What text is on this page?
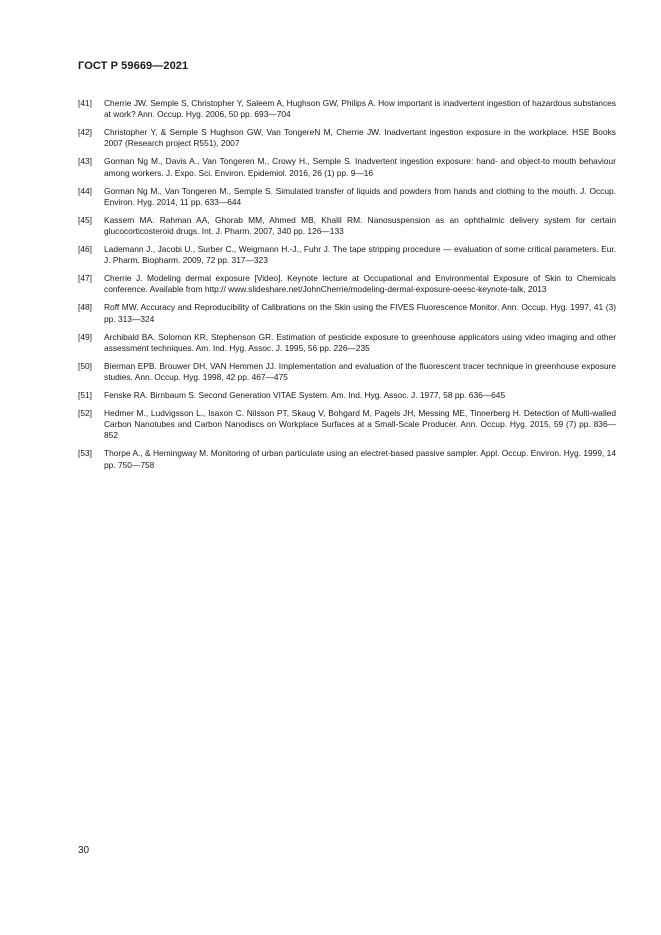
ГОСТ Р 59669—2021
[41]	Cherrie JW. Semple S, Christopher Y, Saleem A, Hughson GW, Philips A. How important is inadvertent ingestion of hazardous substances at work? Ann. Occup. Hyg. 2006, 50 pp. 693—704
[42]	Christopher Y, & Semple S Hughson GW, Van TongereN M, Cherrie JW. Inadvertant ingestion exposure in the workplace. HSE Books 2007 (Research project R551), 2007
[43]	Gorman Ng M., Davis A., Van Tongeren M., Crowy H., Semple S. Inadvertent ingestion exposure: hand- and object-to mouth behaviour among workers. J. Expo. Sci. Environ. Epidemiol. 2016, 26 (1) pp. 9—16
[44]	Gorman Ng M., Van Tongeren M., Semple S. Simulated transfer of liquids and powders from hands and clothing to the mouth. J. Occup. Environ. Hyg. 2014, 11 pp. 633—644
[45]	Kassem MA. Rahman AA, Ghorab MM, Ahmed MB, Khalil RM. Nanosuspension as an ophthalmic delivery system for certain glucocorticosteroid drugs. Int. J. Pharm. 2007, 340 pp. 126—133
[46]	Lademann J., Jacobi U., Surber C., Weigmann H.-J., Fuhr J. The tape stripping procedure — evaluation of some critical parameters. Eur. J. Pharm. Biopharm. 2009, 72 pp. 317—323
[47]	Cherrie J. Modeling dermal exposure [Video]. Keynote lecture at Occupational and Environmental Exposure of Skin to Chemicals conference. Available from http:// www.slideshare.net/JohnCherrie/modeling-dermal-exposure-oeesc-keynote-talk, 2013
[48]	Roff MW. Accuracy and Reproducibility of Calibrations on the Skin using the FIVES Fluorescence Monitor. Ann. Occup. Hyg. 1997, 41 (3) pp. 313—324
[49]	Archibald BA. Solomon KR, Stephenson GR. Estimation of pesticide exposure to greenhouse applicators using video imaging and other assessment techniques. Am. Ind. Hyg. Assoc. J. 1995, 56 pp. 226—235
[50]	Bierman EPB. Brouwer DH, VAN Hemmen JJ. Implementation and evaluation of the fluorescent tracer technique in greenhouse exposure studies. Ann. Occup. Hyg. 1998, 42 pp. 467—475
[51]	Fenske RA. Birnbaum S. Second Generation VITAE System. Am. Ind. Hyg. Assoc. J. 1977, 58 pp. 636—645
[52]	Hedmer M., Ludvigsson L., Isaxon C. Nilsson PT, Skaug V, Bohgard M, Pagels JH, Messing ME, Tinnerberg H. Detection of Multi-walled Carbon Nanotubes and Carbon Nanodiscs on Workplace Surfaces at a Small-Scale Producer. Ann. Occup. Hyg. 2015, 59 (7) pp. 836—852
[53]	Thorpe A., & Hemingway M. Monitoring of urban particulate using an electret-based passive sampler. Appl. Occup. Environ. Hyg. 1999, 14 pp. 750—758
30
